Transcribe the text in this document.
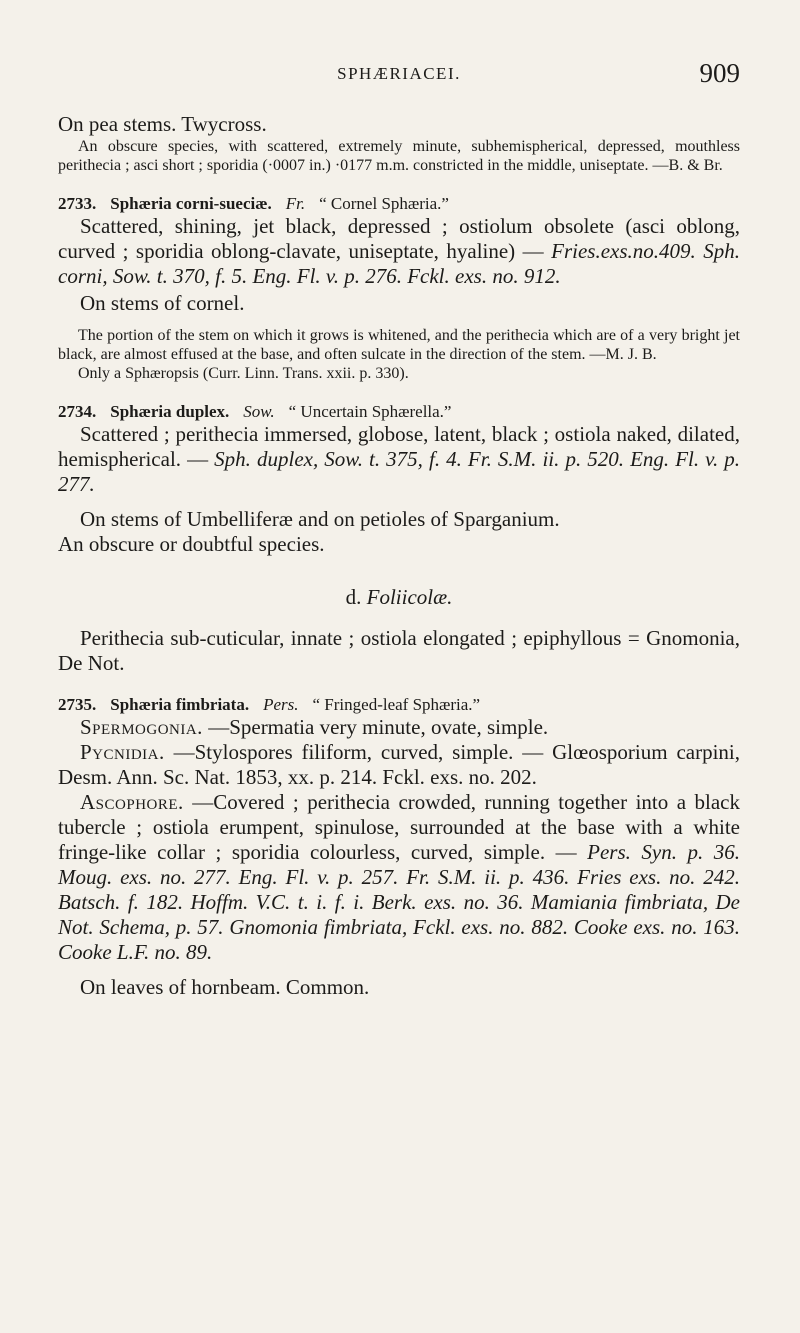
SPHÆRIACEI.	909

On pea stems. Twycross.

An obscure species, with scattered, extremely minute, subhemispherical, depressed, mouthless perithecia ; asci short ; sporidia (·0007 in.) ·0177 m.m. constricted in the middle, uniseptate. —B. & Br.

2733. Sphæria corni-sueciæ. Fr. “ Cornel Sphæria.”

Scattered, shining, jet black, depressed ; ostiolum obsolete (asci oblong, curved ; sporidia oblong-clavate, uniseptate, hyaline) — Fries.exs.no.409. Sph. corni, Sow. t. 370, f. 5. Eng. Fl. v. p. 276. Fckl. exs. no. 912.

On stems of cornel.

The portion of the stem on which it grows is whitened, and the perithecia which are of a very bright jet black, are almost effused at the base, and often sulcate in the direction of the stem. —M. J. B.

Only a Sphæropsis (Curr. Linn. Trans. xxii. p. 330).

2734. Sphæria duplex. Sow. “ Uncertain Sphærella.”

Scattered ; perithecia immersed, globose, latent, black ; ostiola naked, dilated, hemispherical. — Sph. duplex, Sow. t. 375, f. 4. Fr. S.M. ii. p. 520. Eng. Fl. v. p. 277.

On stems of Umbelliferæ and on petioles of Sparganium.

An obscure or doubtful species.

d. Foliicolæ.

Perithecia sub-cuticular, innate ; ostiola elongated ; epiphyllous = Gnomonia, De Not.

2735. Sphæria fimbriata. Pers. “ Fringed-leaf Sphæria.”

Spermogonia. —Spermatia very minute, ovate, simple.

Pycnidia. —Stylospores filiform, curved, simple. — Glœosporium carpini, Desm. Ann. Sc. Nat. 1853, xx. p. 214. Fckl. exs. no. 202.

Ascophore. —Covered ; perithecia crowded, running together into a black tubercle ; ostiola erumpent, spinulose, surrounded at the base with a white fringe-like collar ; sporidia colourless, curved, simple. — Pers. Syn. p. 36. Moug. exs. no. 277. Eng. Fl. v. p. 257. Fr. S.M. ii. p. 436. Fries exs. no. 242. Batsch. f. 182. Hoffm. V.C. t. i. f. i. Berk. exs. no. 36. Mamiania fimbriata, De Not. Schema, p. 57. Gnomonia fimbriata, Fckl. exs. no. 882. Cooke exs. no. 163. Cooke L.F. no. 89.

On leaves of hornbeam. Common.
